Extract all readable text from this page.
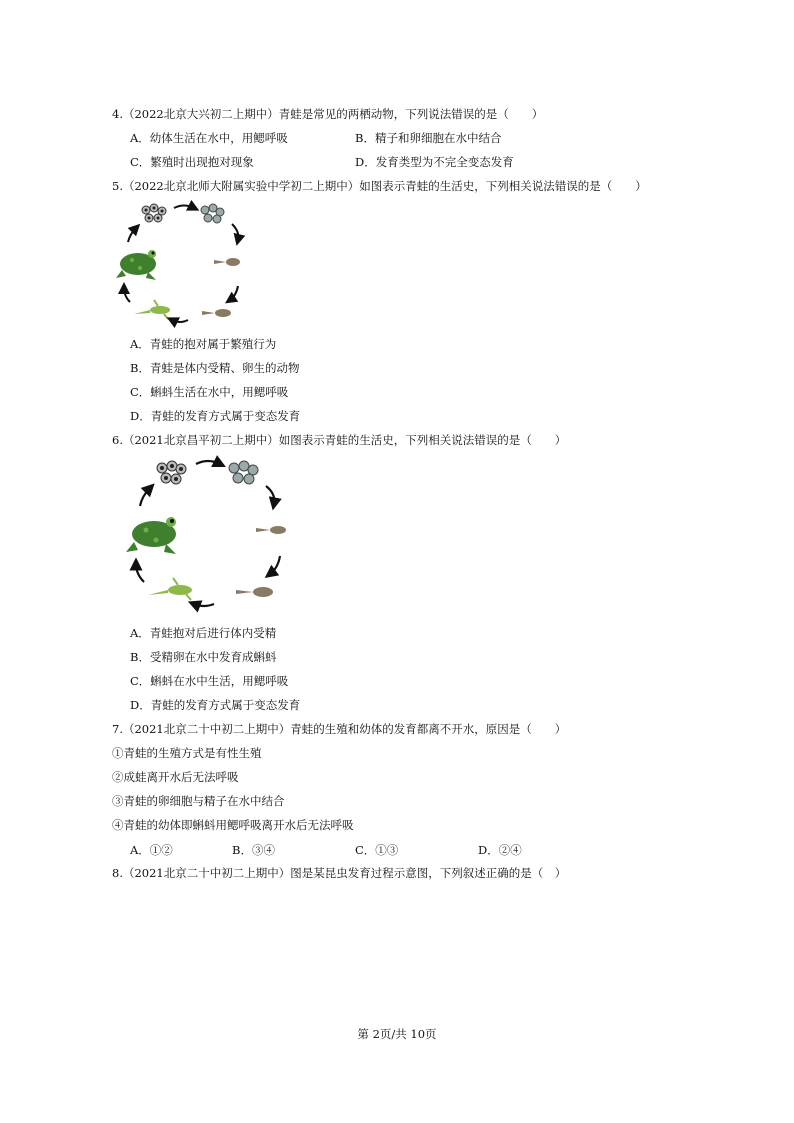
4.（2022北京大兴初二上期中）青蛙是常见的两栖动物，下列说法错误的是（　　）
A．幼体生活在水中，用鳃呼吸	B．精子和卵细胞在水中结合
C．繁殖时出现抱对现象	D．发育类型为不完全变态发育
5.（2022北京北师大附属实验中学初二上期中）如图表示青蛙的生活史，下列相关说法错误的是（　　）
A．青蛙的抱对属于繁殖行为
B．青蛙是体内受精、卵生的动物
C．蝌蚪生活在水中，用鳃呼吸
D．青蛙的发育方式属于变态发育
6.（2021北京昌平初二上期中）如图表示青蛙的生活史，下列相关说法错误的是（　　）
A．青蛙抱对后进行体内受精
B．受精卵在水中发育成蝌蚪
C．蝌蚪在水中生活，用鳃呼吸
D．青蛙的发育方式属于变态发育
7.（2021北京二十中初二上期中）青蛙的生殖和幼体的发育都离不开水，原因是（　　）
①青蛙的生殖方式是有性生殖
②成蛙离开水后无法呼吸
③青蛙的卵细胞与精子在水中结合
④青蛙的幼体即蝌蚪用鳃呼吸离开水后无法呼吸
A．①②	B．③④	C．①③	D．②④
8.（2021北京二十中初二上期中）图是某昆虫发育过程示意图，下列叙述正确的是（　）
第 2页/共 10页
